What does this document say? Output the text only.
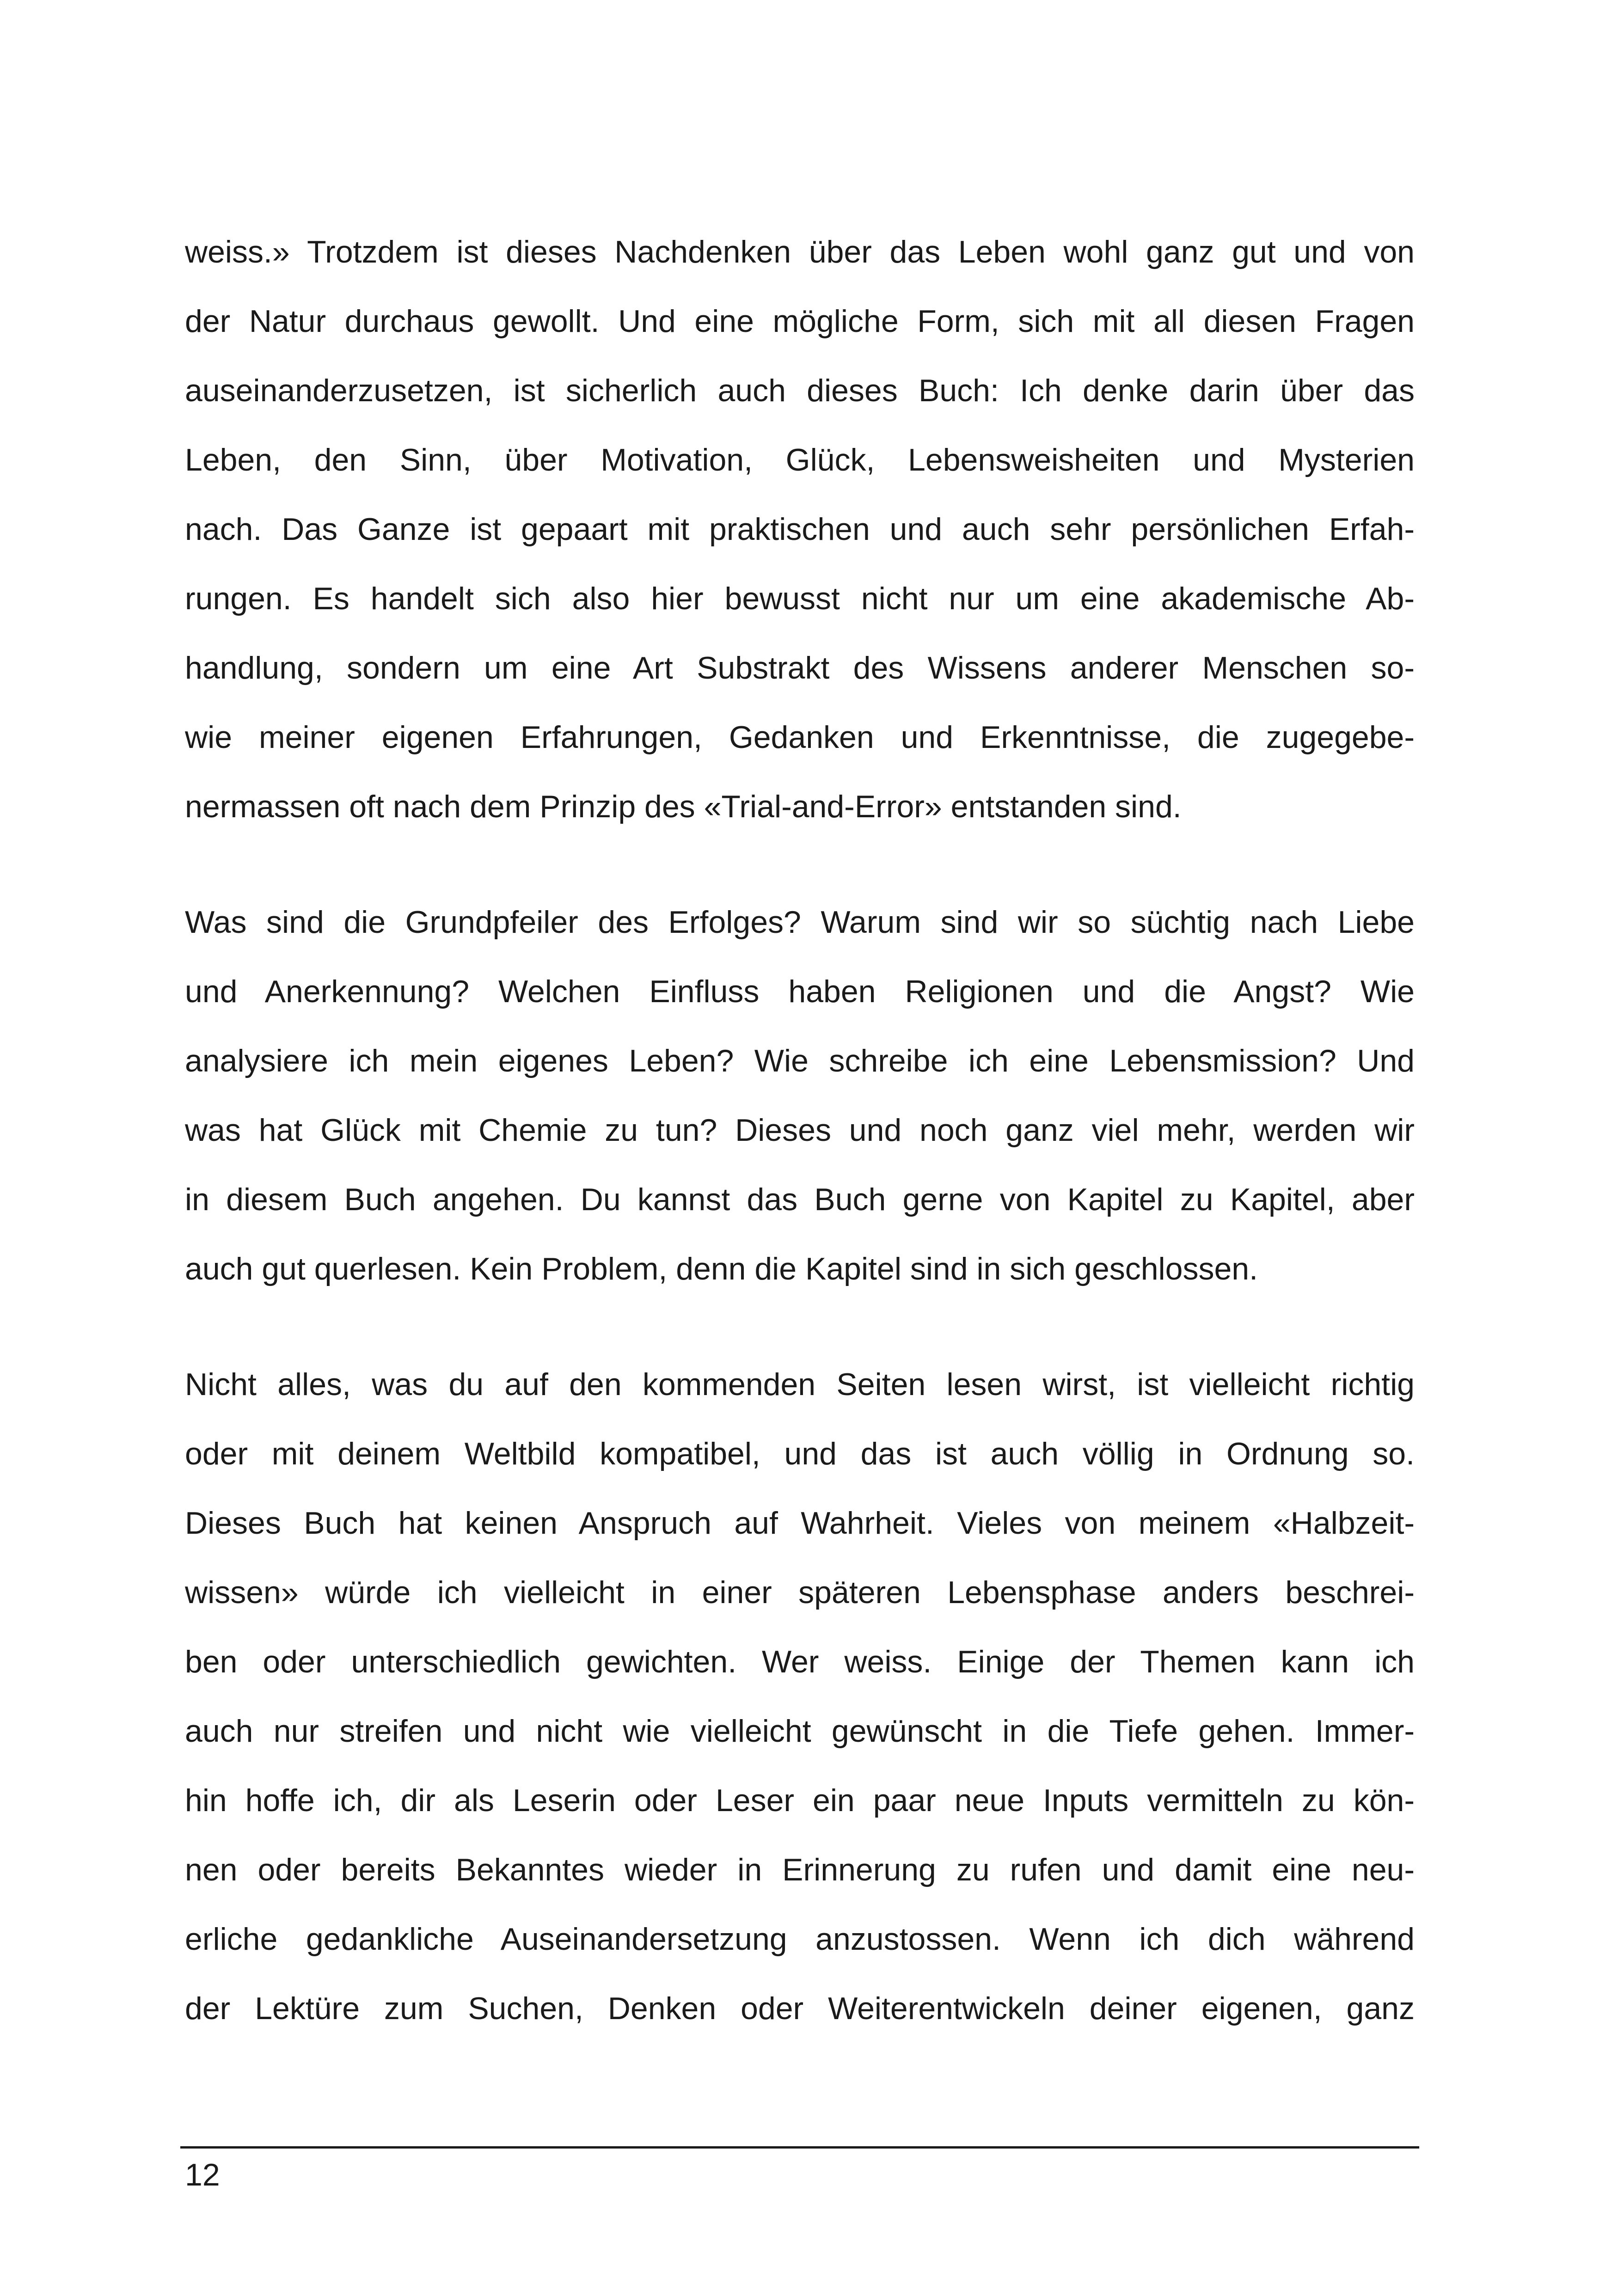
weiss.» Trotzdem ist dieses Nachdenken über das Leben wohl ganz gut und von
der Natur durchaus gewollt. Und eine mögliche Form, sich mit all diesen Fragen
auseinanderzusetzen, ist sicherlich auch dieses Buch: Ich denke darin über das
Leben, den Sinn, über Motivation, Glück, Lebensweisheiten und Mysterien
nach. Das Ganze ist gepaart mit praktischen und auch sehr persönlichen Erfah-
rungen. Es handelt sich also hier bewusst nicht nur um eine akademische Ab-
handlung, sondern um eine Art Substrakt des Wissens anderer Menschen so-
wie meiner eigenen Erfahrungen, Gedanken und Erkenntnisse, die zugegebe-
nermassen oft nach dem Prinzip des «Trial-and-Error» entstanden sind.
Was sind die Grundpfeiler des Erfolges? Warum sind wir so süchtig nach Liebe
und Anerkennung? Welchen Einfluss haben Religionen und die Angst? Wie
analysiere ich mein eigenes Leben? Wie schreibe ich eine Lebensmission? Und
was hat Glück mit Chemie zu tun? Dieses und noch ganz viel mehr, werden wir
in diesem Buch angehen. Du kannst das Buch gerne von Kapitel zu Kapitel, aber
auch gut querlesen. Kein Problem, denn die Kapitel sind in sich geschlossen.
Nicht alles, was du auf den kommenden Seiten lesen wirst, ist vielleicht richtig
oder mit deinem Weltbild kompatibel, und das ist auch völlig in Ordnung so.
Dieses Buch hat keinen Anspruch auf Wahrheit. Vieles von meinem «Halbzeit-
wissen» würde ich vielleicht in einer späteren Lebensphase anders beschrei-
ben oder unterschiedlich gewichten. Wer weiss. Einige der Themen kann ich
auch nur streifen und nicht wie vielleicht gewünscht in die Tiefe gehen. Immer-
hin hoffe ich, dir als Leserin oder Leser ein paar neue Inputs vermitteln zu kön-
nen oder bereits Bekanntes wieder in Erinnerung zu rufen und damit eine neu-
erliche gedankliche Auseinandersetzung anzustossen. Wenn ich dich während
der Lektüre zum Suchen, Denken oder Weiterentwickeln deiner eigenen, ganz
12
